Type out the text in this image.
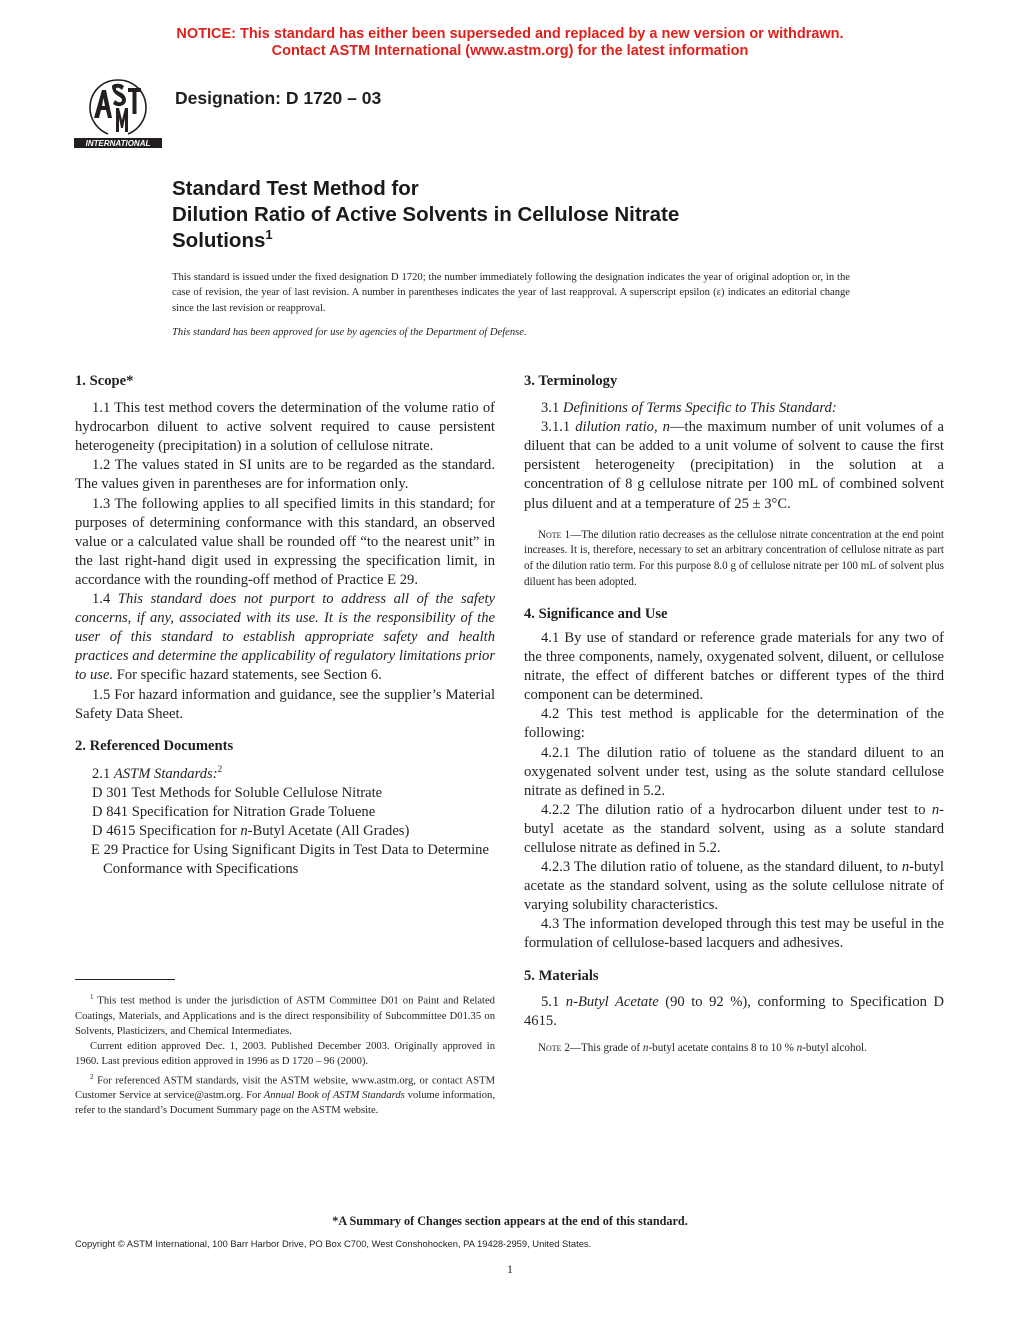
NOTICE: This standard has either been superseded and replaced by a new version or withdrawn.
Contact ASTM International (www.astm.org) for the latest information
INTERNATIONAL
Designation: D 1720 – 03
Standard Test Method for
Dilution Ratio of Active Solvents in Cellulose Nitrate
Solutions$^1$
This standard is issued under the fixed designation D 1720; the number immediately following the designation indicates the year of original adoption or, in the case of revision, the year of last revision. A number in parentheses indicates the year of last reapproval. A superscript epsilon (ε) indicates an editorial change since the last revision or reapproval.
This standard has been approved for use by agencies of the Department of Defense.

1. Scope*

1.1 This test method covers the determination of the volume ratio of hydrocarbon diluent to active solvent required to cause persistent heterogeneity (precipitation) in a solution of cellulose nitrate.

1.2 The values stated in SI units are to be regarded as the standard. The values given in parentheses are for information only.

1.3 The following applies to all specified limits in this standard; for purposes of determining conformance with this standard, an observed value or a calculated value shall be rounded off “to the nearest unit” in the last right-hand digit used in expressing the specification limit, in accordance with the rounding-off method of Practice E 29.

1.4 This standard does not purport to address all of the safety concerns, if any, associated with its use. It is the responsibility of the user of this standard to establish appropriate safety and health practices and determine the applicability of regulatory limitations prior to use. For specific hazard statements, see Section 6.

1.5 For hazard information and guidance, see the supplier’s Material Safety Data Sheet.

2. Referenced Documents

2.1 ASTM Standards:$^2$
D 301 Test Methods for Soluble Cellulose Nitrate
D 841 Specification for Nitration Grade Toluene
D 4615 Specification for n-Butyl Acetate (All Grades)
E 29 Practice for Using Significant Digits in Test Data to Determine Conformance with Specifications

$^1$ This test method is under the jurisdiction of ASTM Committee D01 on Paint and Related Coatings, Materials, and Applications and is the direct responsibility of Subcommittee D01.35 on Solvents, Plasticizers, and Chemical Intermediates.

Current edition approved Dec. 1, 2003. Published December 2003. Originally approved in 1960. Last previous edition approved in 1996 as D 1720 – 96 (2000).

$^2$ For referenced ASTM standards, visit the ASTM website, www.astm.org, or contact ASTM Customer Service at service@astm.org. For Annual Book of ASTM Standards volume information, refer to the standard’s Document Summary page on the ASTM website.

3. Terminology

3.1 Definitions of Terms Specific to This Standard:

3.1.1 dilution ratio, n—the maximum number of unit volumes of a diluent that can be added to a unit volume of solvent to cause the first persistent heterogeneity (precipitation) in the solution at a concentration of 8 g cellulose nitrate per 100 mL of combined solvent plus diluent and at a temperature of 25 ± 3°C.

Note 1—The dilution ratio decreases as the cellulose nitrate concentration at the end point increases. It is, therefore, necessary to set an arbitrary concentration of cellulose nitrate as part of the dilution ratio term. For this purpose 8.0 g of cellulose nitrate per 100 mL of solvent plus diluent has been adopted.

4. Significance and Use

4.1 By use of standard or reference grade materials for any two of the three components, namely, oxygenated solvent, diluent, or cellulose nitrate, the effect of different batches or different types of the third component can be determined.

4.2 This test method is applicable for the determination of the following:

4.2.1 The dilution ratio of toluene as the standard diluent to an oxygenated solvent under test, using as the solute standard cellulose nitrate as defined in 5.2.

4.2.2 The dilution ratio of a hydrocarbon diluent under test to n-butyl acetate as the standard solvent, using as a solute standard cellulose nitrate as defined in 5.2.

4.2.3 The dilution ratio of toluene, as the standard diluent, to n-butyl acetate as the standard solvent, using as the solute cellulose nitrate of varying solubility characteristics.

4.3 The information developed through this test may be useful in the formulation of cellulose-based lacquers and adhesives.

5. Materials

5.1 n-Butyl Acetate (90 to 92 %), conforming to Specification D 4615.

Note 2—This grade of n-butyl acetate contains 8 to 10 % n-butyl alcohol.

*A Summary of Changes section appears at the end of this standard.
Copyright © ASTM International, 100 Barr Harbor Drive, PO Box C700, West Conshohocken, PA 19428-2959, United States.
1
